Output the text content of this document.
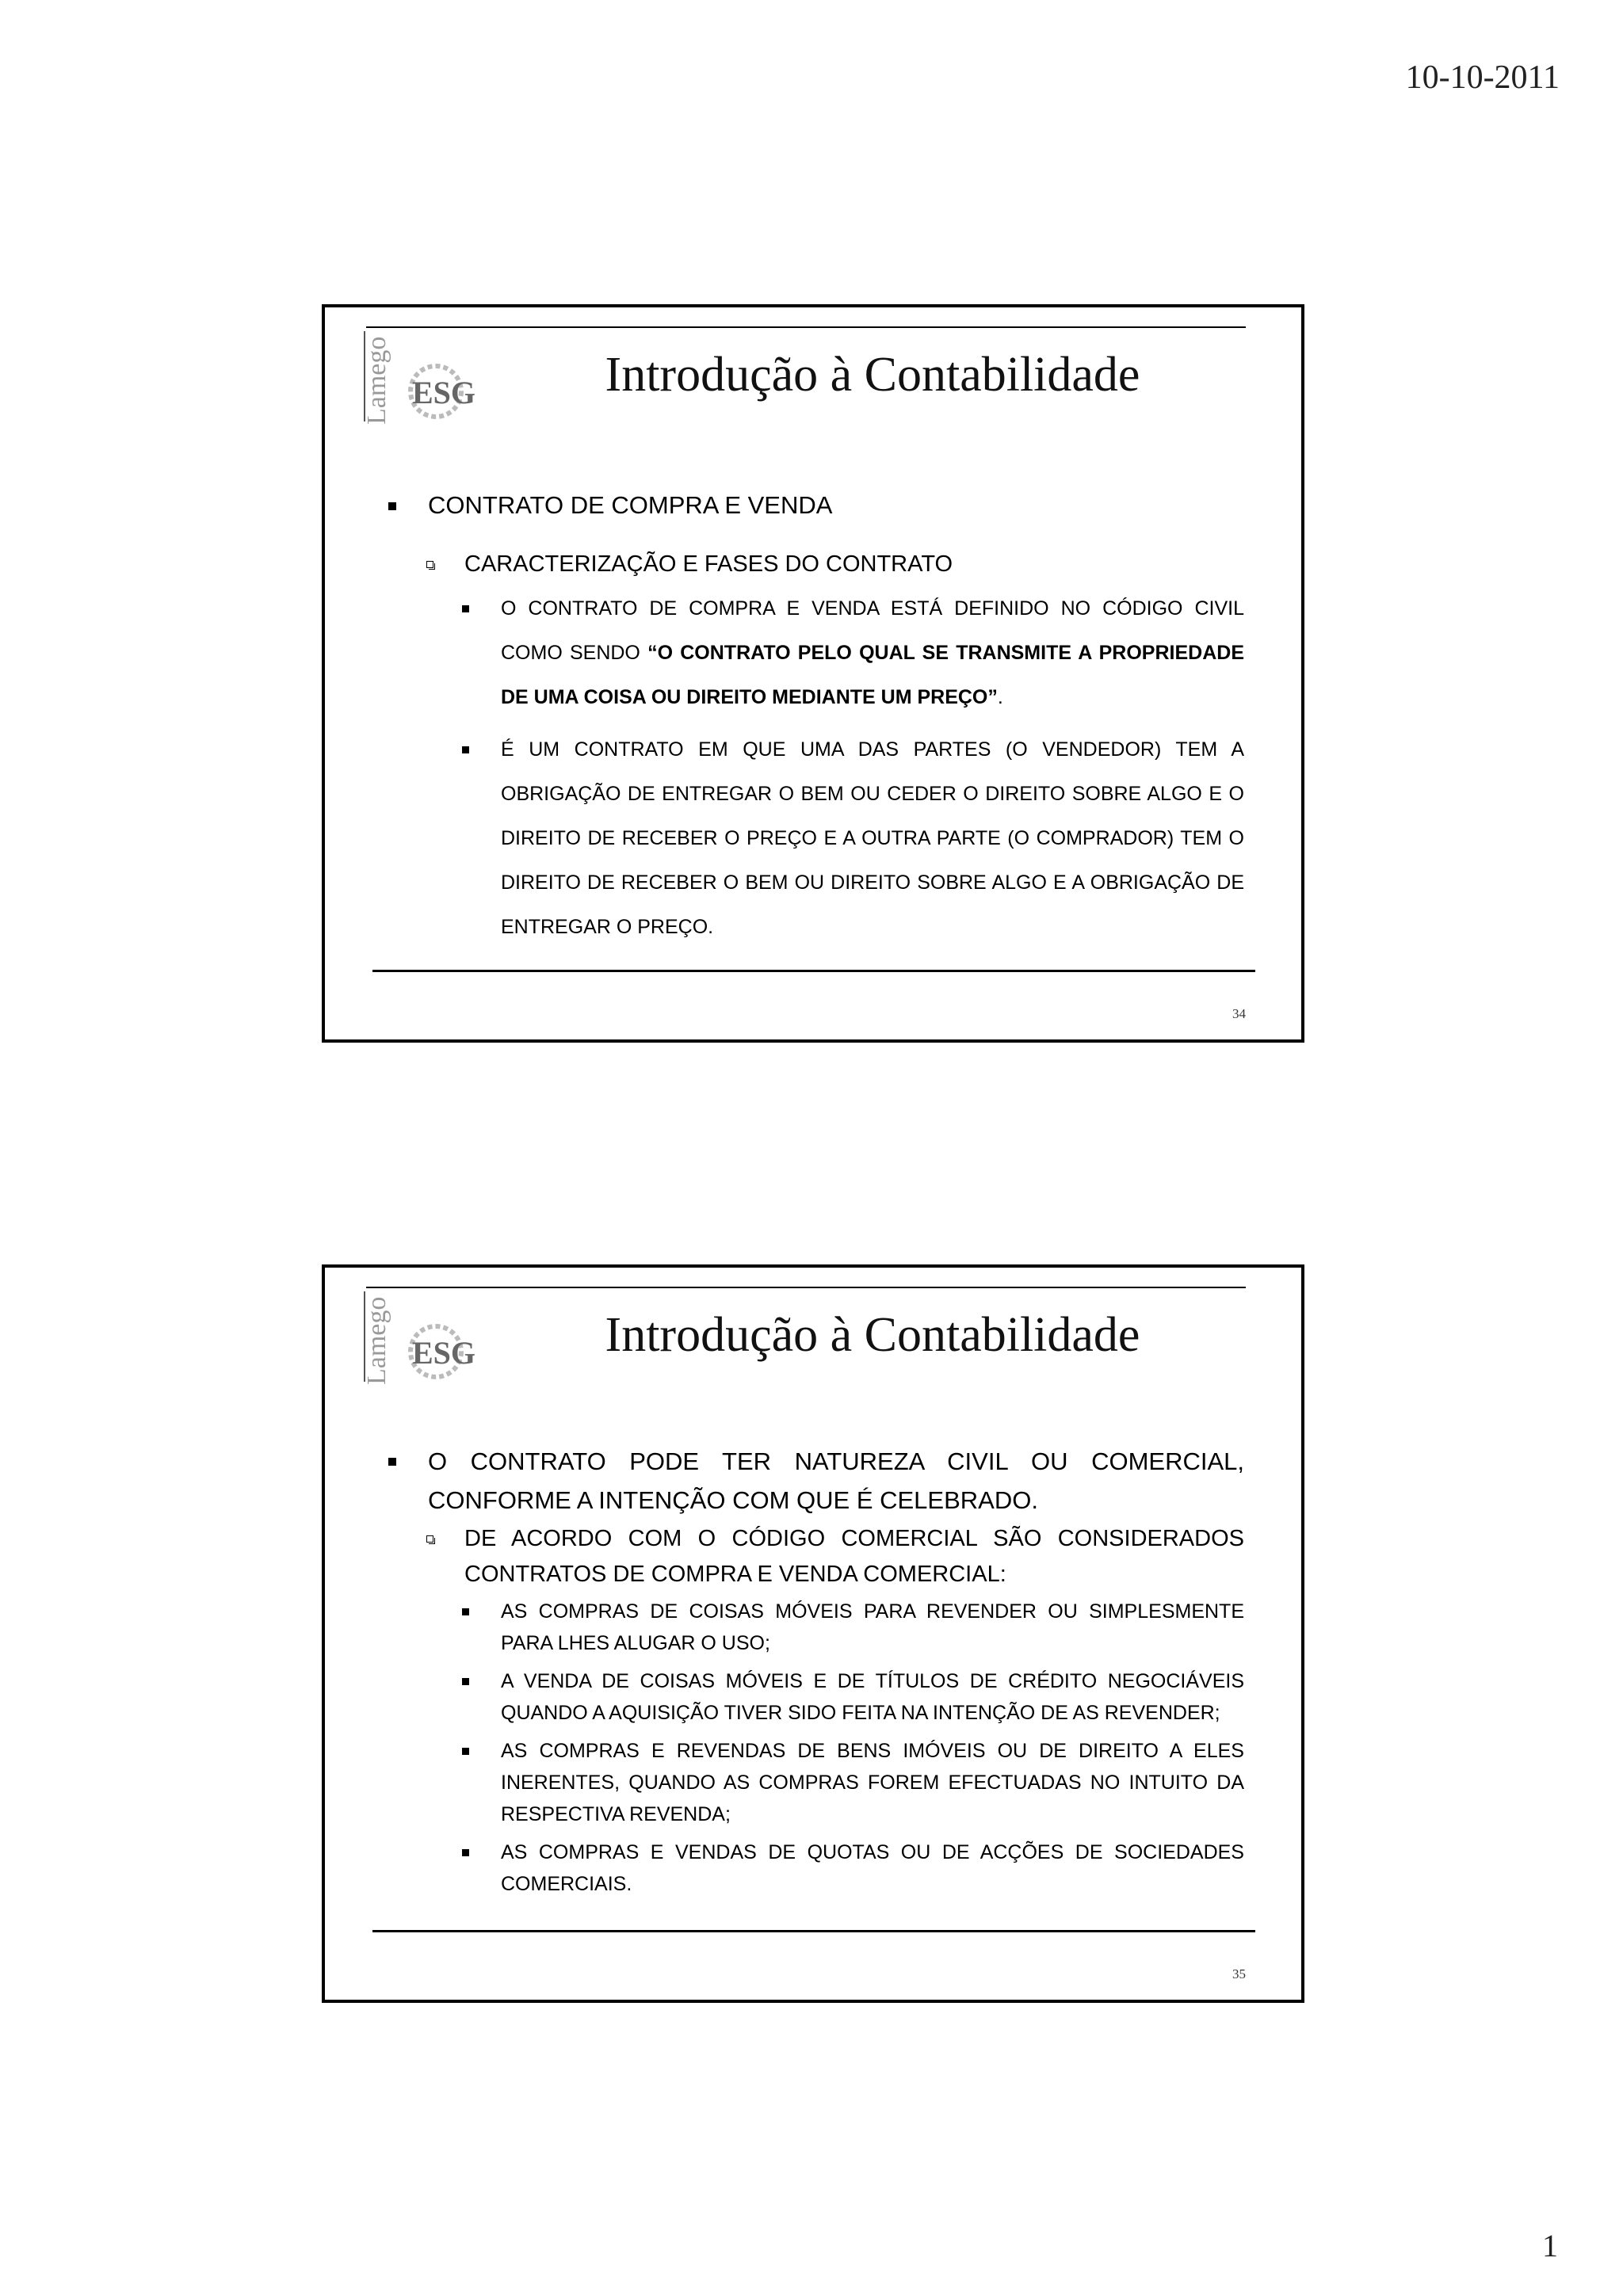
10-10-2011
Lamego ESG	Introdução à Contabilidade
CONTRATO DE COMPRA E VENDA
CARACTERIZAÇÃO E FASES DO CONTRATO
O CONTRATO DE COMPRA E VENDA ESTÁ DEFINIDO NO CÓDIGO CIVIL COMO SENDO “O CONTRATO PELO QUAL SE TRANSMITE A PROPRIEDADE DE UMA COISA OU DIREITO MEDIANTE UM PREÇO”.
É UM CONTRATO EM QUE UMA DAS PARTES (O VENDEDOR) TEM A OBRIGAÇÃO DE ENTREGAR O BEM OU CEDER O DIREITO SOBRE ALGO E O DIREITO DE RECEBER O PREÇO E A OUTRA PARTE (O COMPRADOR) TEM O DIREITO DE RECEBER O BEM OU DIREITO SOBRE ALGO E A OBRIGAÇÃO DE ENTREGAR O PREÇO.
34
Lamego ESG	Introdução à Contabilidade
O CONTRATO PODE TER NATUREZA CIVIL OU COMERCIAL, CONFORME A INTENÇÃO COM QUE É CELEBRADO.
DE ACORDO COM O CÓDIGO COMERCIAL SÃO CONSIDERADOS CONTRATOS DE COMPRA E VENDA COMERCIAL:
AS COMPRAS DE COISAS MÓVEIS PARA REVENDER OU SIMPLESMENTE PARA LHES ALUGAR O USO;
A VENDA DE COISAS MÓVEIS E DE TÍTULOS DE CRÉDITO NEGOCIÁVEIS QUANDO A AQUISIÇÃO TIVER SIDO FEITA NA INTENÇÃO DE AS REVENDER;
AS COMPRAS E REVENDAS DE BENS IMÓVEIS OU DE DIREITO A ELES INERENTES, QUANDO AS COMPRAS FOREM EFECTUADAS NO INTUITO DA RESPECTIVA REVENDA;
AS COMPRAS E VENDAS DE QUOTAS OU DE ACÇÕES DE SOCIEDADES COMERCIAIS.
35
1
